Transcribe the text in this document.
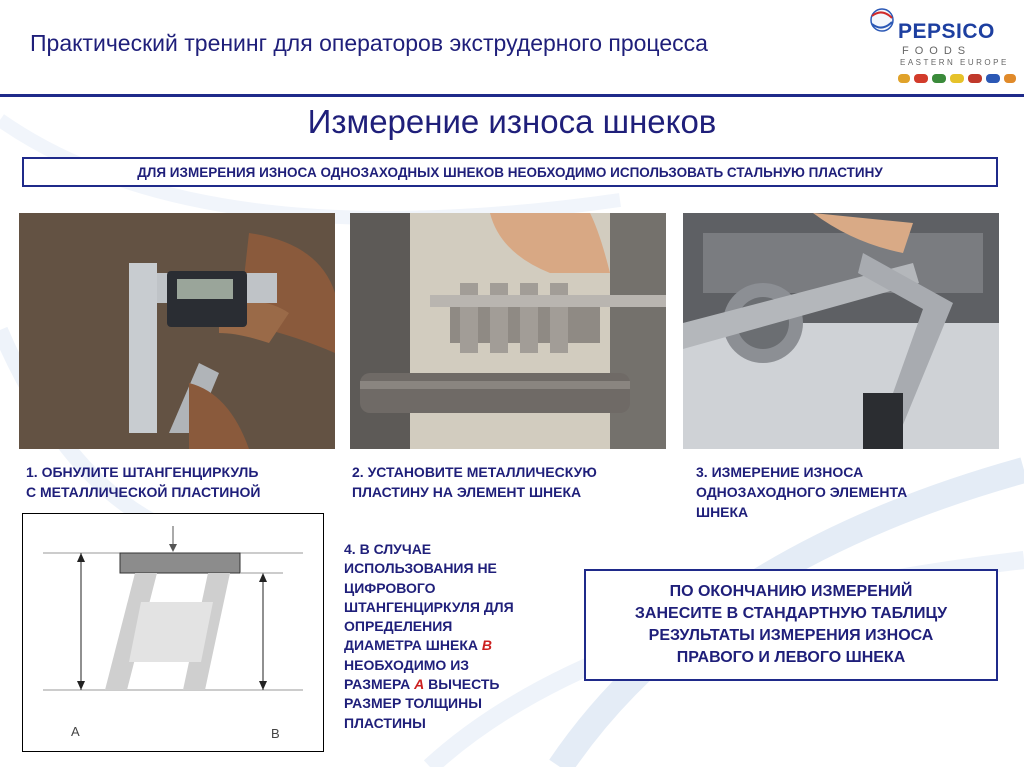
Практический тренинг для операторов экструдерного процесса	PEPSICO
FOODS
EASTERN EUROPE
Измерение износа шнеков
ДЛЯ ИЗМЕРЕНИЯ ИЗНОСА ОДНОЗАХОДНЫХ ШНЕКОВ НЕОБХОДИМО ИСПОЛЬЗОВАТЬ СТАЛЬНУЮ ПЛАСТИНУ
1. ОБНУЛИТЕ ШТАНГЕНЦИРКУЛЬ
С МЕТАЛЛИЧЕСКОЙ ПЛАСТИНОЙ
2. УСТАНОВИТЕ МЕТАЛЛИЧЕСКУЮ
ПЛАСТИНУ НА ЭЛЕМЕНТ ШНЕКА
3. ИЗМЕРЕНИЕ ИЗНОСА
ОДНОЗАХОДНОГО ЭЛЕМЕНТА
ШНЕКА
A	B
4. В СЛУЧАЕ
ИСПОЛЬЗОВАНИЯ НЕ
ЦИФРОВОГО
ШТАНГЕНЦИРКУЛЯ ДЛЯ
ОПРЕДЕЛЕНИЯ
ДИАМЕТРА ШНЕКА B
НЕОБХОДИМО ИЗ
РАЗМЕРА A ВЫЧЕСТЬ
РАЗМЕР ТОЛЩИНЫ
ПЛАСТИНЫ
ПО ОКОНЧАНИЮ ИЗМЕРЕНИЙ
ЗАНЕСИТЕ В СТАНДАРТНУЮ ТАБЛИЦУ
РЕЗУЛЬТАТЫ ИЗМЕРЕНИЯ ИЗНОСА
ПРАВОГО И ЛЕВОГО ШНЕКА
